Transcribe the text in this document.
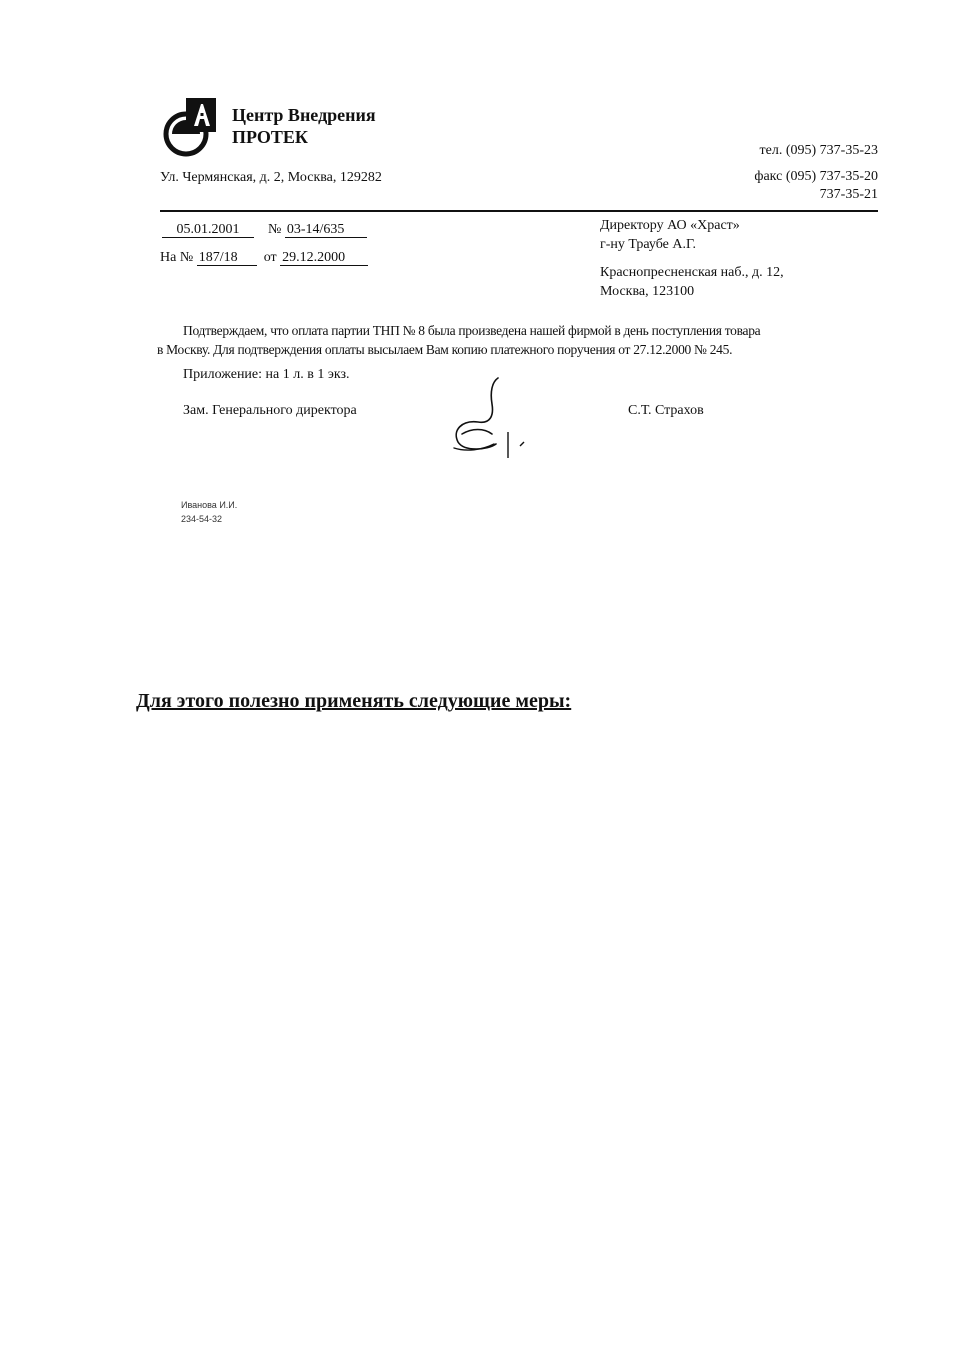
Центр Внедрения
ПРОТЕК
Ул. Чермянская, д. 2, Москва, 129282
тел. (095) 737-35-23
факс (095) 737-35-20
737-35-21
05.01.2001 № 03-14/635
На № 187/18 от 29.12.2000
Директору АО «Храст»
г-ну Траубе А.Г.
Краснопресненская наб., д. 12,
Москва, 123100
Подтверждаем, что оплата партии ТНП № 8 была произведена нашей фирмой в день поступления товара
в Москву. Для подтверждения оплаты высылаем Вам копию платежного поручения от 27.12.2000 № 245.
Приложение: на 1 л. в 1 экз.
Зам. Генерального директора	С.Т. Страхов
Иванова И.И.
234-54-32
Для этого полезно применять следующие меры:
